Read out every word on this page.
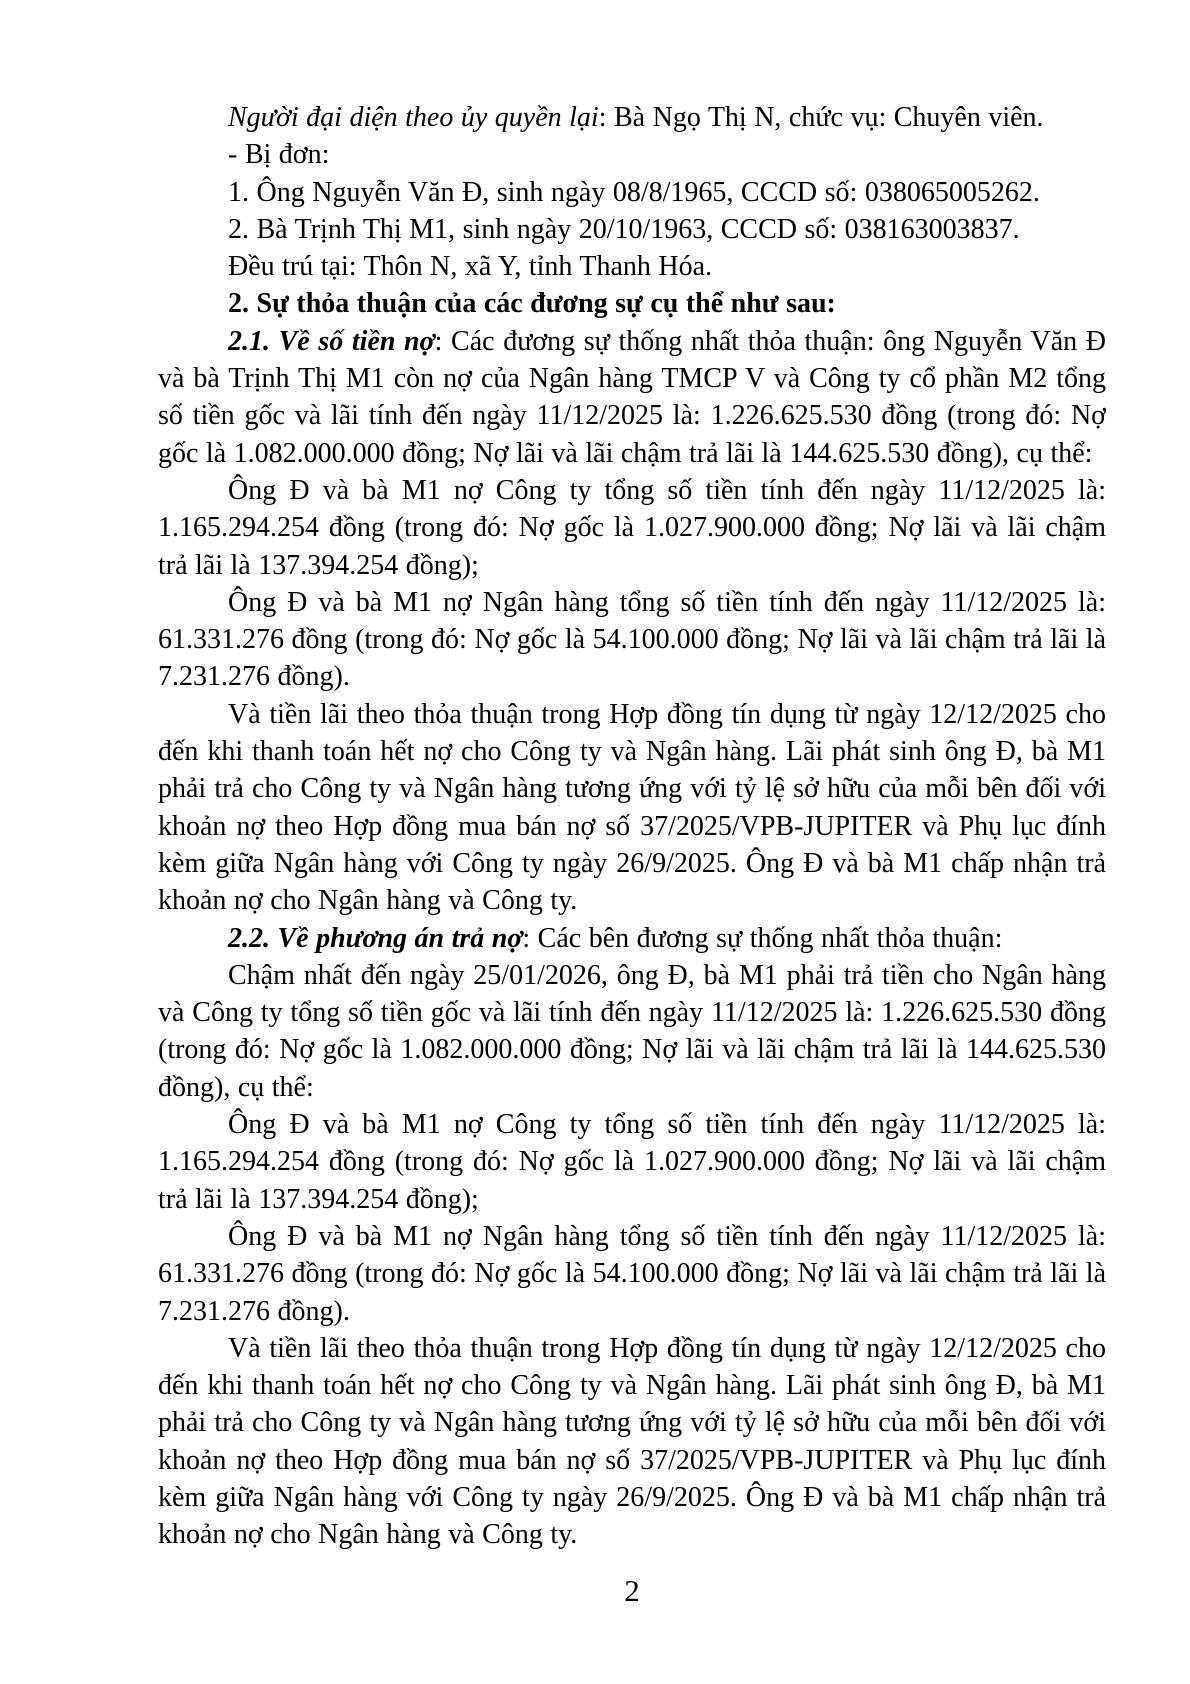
Người đại diện theo ủy quyền lại: Bà Ngọ Thị N, chức vụ: Chuyên viên.

- Bị đơn:

1. Ông Nguyễn Văn Đ, sinh ngày 08/8/1965, CCCD số: 038065005262.

2. Bà Trịnh Thị M1, sinh ngày 20/10/1963, CCCD số: 038163003837.

Đều trú tại: Thôn N, xã Y, tỉnh Thanh Hóa.

2. Sự thỏa thuận của các đương sự cụ thể như sau:

2.1. Về số tiền nợ: Các đương sự thống nhất thỏa thuận: ông Nguyễn Văn Đ và bà Trịnh Thị M1 còn nợ của Ngân hàng TMCP V và Công ty cổ phần M2 tổng số tiền gốc và lãi tính đến ngày 11/12/2025 là: 1.226.625.530 đồng (trong đó: Nợ gốc là 1.082.000.000 đồng; Nợ lãi và lãi chậm trả lãi là 144.625.530 đồng), cụ thể:

Ông Đ và bà M1 nợ Công ty tổng số tiền tính đến ngày 11/12/2025 là: 1.165.294.254 đồng (trong đó: Nợ gốc là 1.027.900.000 đồng; Nợ lãi và lãi chậm trả lãi là 137.394.254 đồng);

Ông Đ và bà M1 nợ Ngân hàng tổng số tiền tính đến ngày 11/12/2025 là: 61.331.276 đồng (trong đó: Nợ gốc là 54.100.000 đồng; Nợ lãi và lãi chậm trả lãi là 7.231.276 đồng).

Và tiền lãi theo thỏa thuận trong Hợp đồng tín dụng từ ngày 12/12/2025 cho đến khi thanh toán hết nợ cho Công ty và Ngân hàng. Lãi phát sinh ông Đ, bà M1 phải trả cho Công ty và Ngân hàng tương ứng với tỷ lệ sở hữu của mỗi bên đối với khoản nợ theo Hợp đồng mua bán nợ số 37/2025/VPB-JUPITER và Phụ lục đính kèm giữa Ngân hàng với Công ty ngày 26/9/2025. Ông Đ và bà M1 chấp nhận trả khoản nợ cho Ngân hàng và Công ty.

2.2. Về phương án trả nợ: Các bên đương sự thống nhất thỏa thuận:

Chậm nhất đến ngày 25/01/2026, ông Đ, bà M1 phải trả tiền cho Ngân hàng và Công ty tổng số tiền gốc và lãi tính đến ngày 11/12/2025 là: 1.226.625.530 đồng (trong đó: Nợ gốc là 1.082.000.000 đồng; Nợ lãi và lãi chậm trả lãi là 144.625.530 đồng), cụ thể:

Ông Đ và bà M1 nợ Công ty tổng số tiền tính đến ngày 11/12/2025 là: 1.165.294.254 đồng (trong đó: Nợ gốc là 1.027.900.000 đồng; Nợ lãi và lãi chậm trả lãi là 137.394.254 đồng);

Ông Đ và bà M1 nợ Ngân hàng tổng số tiền tính đến ngày 11/12/2025 là: 61.331.276 đồng (trong đó: Nợ gốc là 54.100.000 đồng; Nợ lãi và lãi chậm trả lãi là 7.231.276 đồng).

Và tiền lãi theo thỏa thuận trong Hợp đồng tín dụng từ ngày 12/12/2025 cho đến khi thanh toán hết nợ cho Công ty và Ngân hàng. Lãi phát sinh ông Đ, bà M1 phải trả cho Công ty và Ngân hàng tương ứng với tỷ lệ sở hữu của mỗi bên đối với khoản nợ theo Hợp đồng mua bán nợ số 37/2025/VPB-JUPITER và Phụ lục đính kèm giữa Ngân hàng với Công ty ngày 26/9/2025. Ông Đ và bà M1 chấp nhận trả khoản nợ cho Ngân hàng và Công ty.

2
